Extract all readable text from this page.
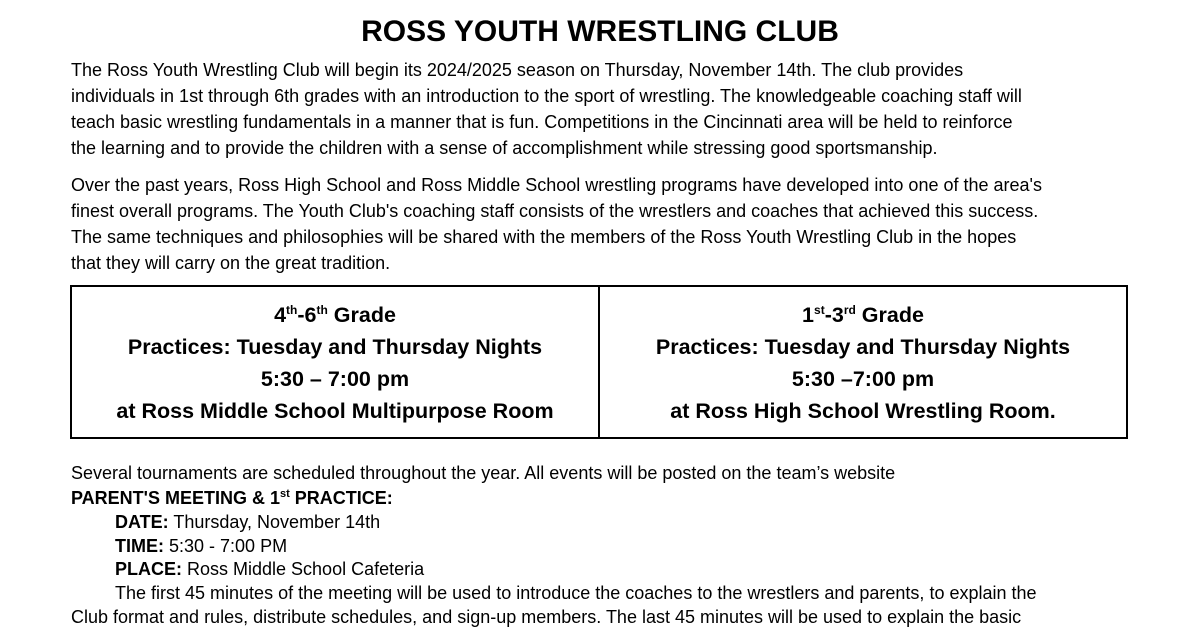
ROSS YOUTH WRESTLING CLUB

The Ross Youth Wrestling Club will begin its 2024/2025 season on Thursday, November 14th. The club provides
individuals in 1st through 6th grades with an introduction to the sport of wrestling. The knowledgeable coaching staff will
teach basic wrestling fundamentals in a manner that is fun. Competitions in the Cincinnati area will be held to reinforce
the learning and to provide the children with a sense of accomplishment while stressing good sportsmanship.

Over the past years, Ross High School and Ross Middle School wrestling programs have developed into one of the area's
finest overall programs. The Youth Club's coaching staff consists of the wrestlers and coaches that achieved this success.
The same techniques and philosophies will be shared with the members of the Ross Youth Wrestling Club in the hopes
that they will carry on the great tradition.

4th-6th Grade
Practices: Tuesday and Thursday Nights
5:30 – 7:00 pm
at Ross Middle School Multipurpose Room
1st-3rd Grade
Practices: Tuesday and Thursday Nights
5:30 –7:00 pm
at Ross High School Wrestling Room.

Several tournaments are scheduled throughout the year. All events will be posted on the team’s website

PARENT'S MEETING & 1st PRACTICE:

DATE: Thursday, November 14th

TIME: 5:30 - 7:00 PM

PLACE: Ross Middle School Cafeteria

The first 45 minutes of the meeting will be used to introduce the coaches to the wrestlers and parents, to explain the
Club format and rules, distribute schedules, and sign-up members. The last 45 minutes will be used to explain the basic
